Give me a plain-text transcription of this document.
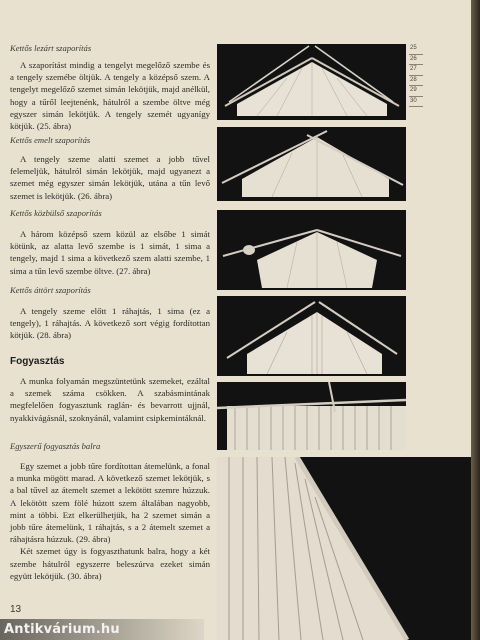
Kettős lezárt szaporítás

A szaporítást mindig a tengelyt megelőző szembe és a tengely szemébe öltjük. A tengely a középső szem. A tengelyt megelőző szemet simán lekötjük, majd anélkül, hogy a tűről leejtenénk, hátulról a szembe öltve még egyszer simán lekötjük. A tengely szemét ugyanígy kötjük. (25. ábra)

Kettős emelt szaporítás

A tengely szeme alatti szemet a jobb tűvel felemeljük, hátulról simán lekötjük, majd ugyanezt a szemet még egyszer simán lekötjük, utána a tűn levő szemet is lekötjük. (26. ábra)

Kettős közbülső szaporítás

A három középső szem közül az elsőbe 1 simát kötünk, az alatta levő szembe is 1 simát, 1 sima a tengely, majd 1 sima a következő szem alatti szembe, 1 sima a tűn levő szembe öltve. (27. ábra)

Kettős áttört szaporítás

A tengely szeme előtt 1 ráhajtás, 1 sima (ez a tengely), 1 ráhajtás. A következő sort végig fordítottan kötjük. (28. ábra)

Fogyasztás

A munka folyamán megszüntetünk szemeket, ezáltal a szemek száma csökken. A szabásmintának megfelelően fogyasztunk raglán- és bevarrott ujjnál, nyakkivágásnál, szoknyánál, valamint csipkemintáknál.

Egyszerű fogyasztás balra

Egy szemet a jobb tűre fordítottan átemelünk, a fonal a munka mögött marad. A következő szemet lekötjük, s a bal tűvel az átemelt szemet a lekötött szemre húzzuk. A lekötött szem fölé húzott szem általában nagyobb, mint a többi. Ezt elkerülhetjük, ha 2 szemet simán a jobb tűre átemelünk, 1 ráhajtás, s a 2 átemelt szemet a ráhajtásra húzzuk. (29. ábra)

Két szemet úgy is fogyaszthatunk balra, hogy a két szembe hátulról egyszerre beleszúrva ezeket simán együtt lekötjük. (30. ábra)

25
26
27
28
29
30
13
Antikvárium.hu
